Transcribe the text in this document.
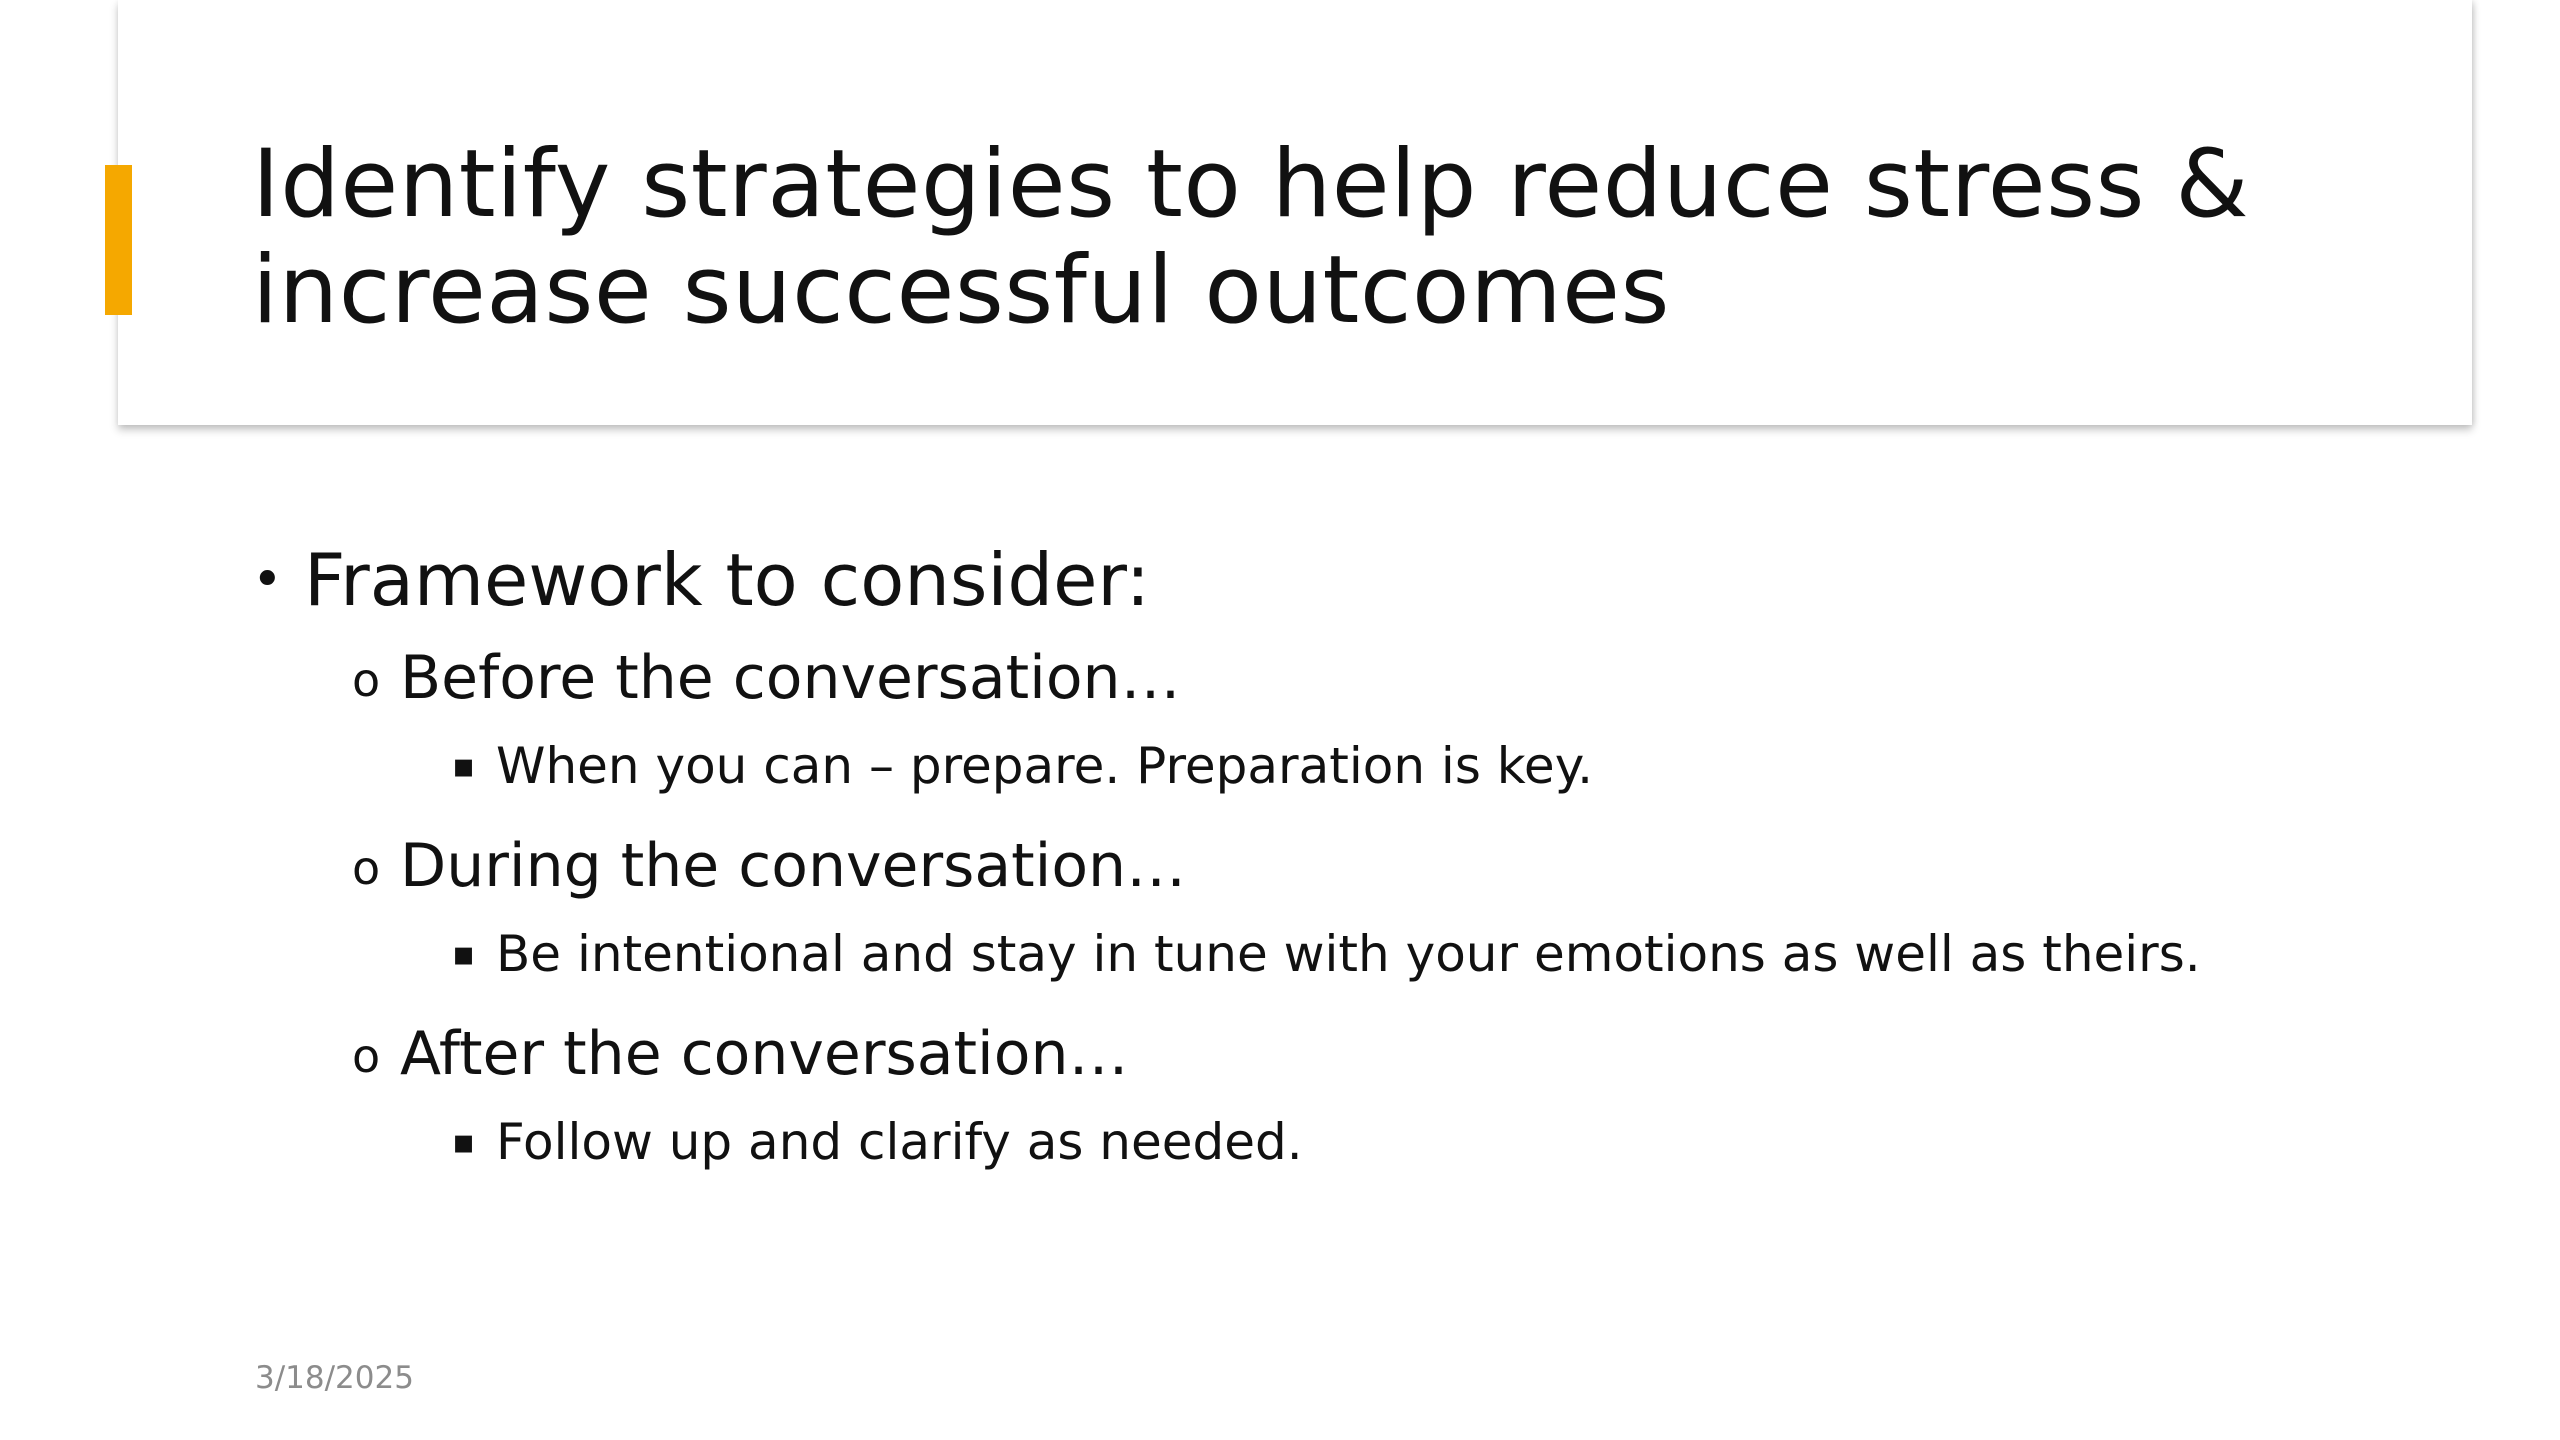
Identify strategies to help reduce stress & increase successful outcomes
• Framework to consider:
o Before the conversation…
▪ When you can – prepare. Preparation is key.
o During the conversation…
▪ Be intentional and stay in tune with your emotions as well as theirs.
o After the conversation…
▪ Follow up and clarify as needed.
3/18/2025
